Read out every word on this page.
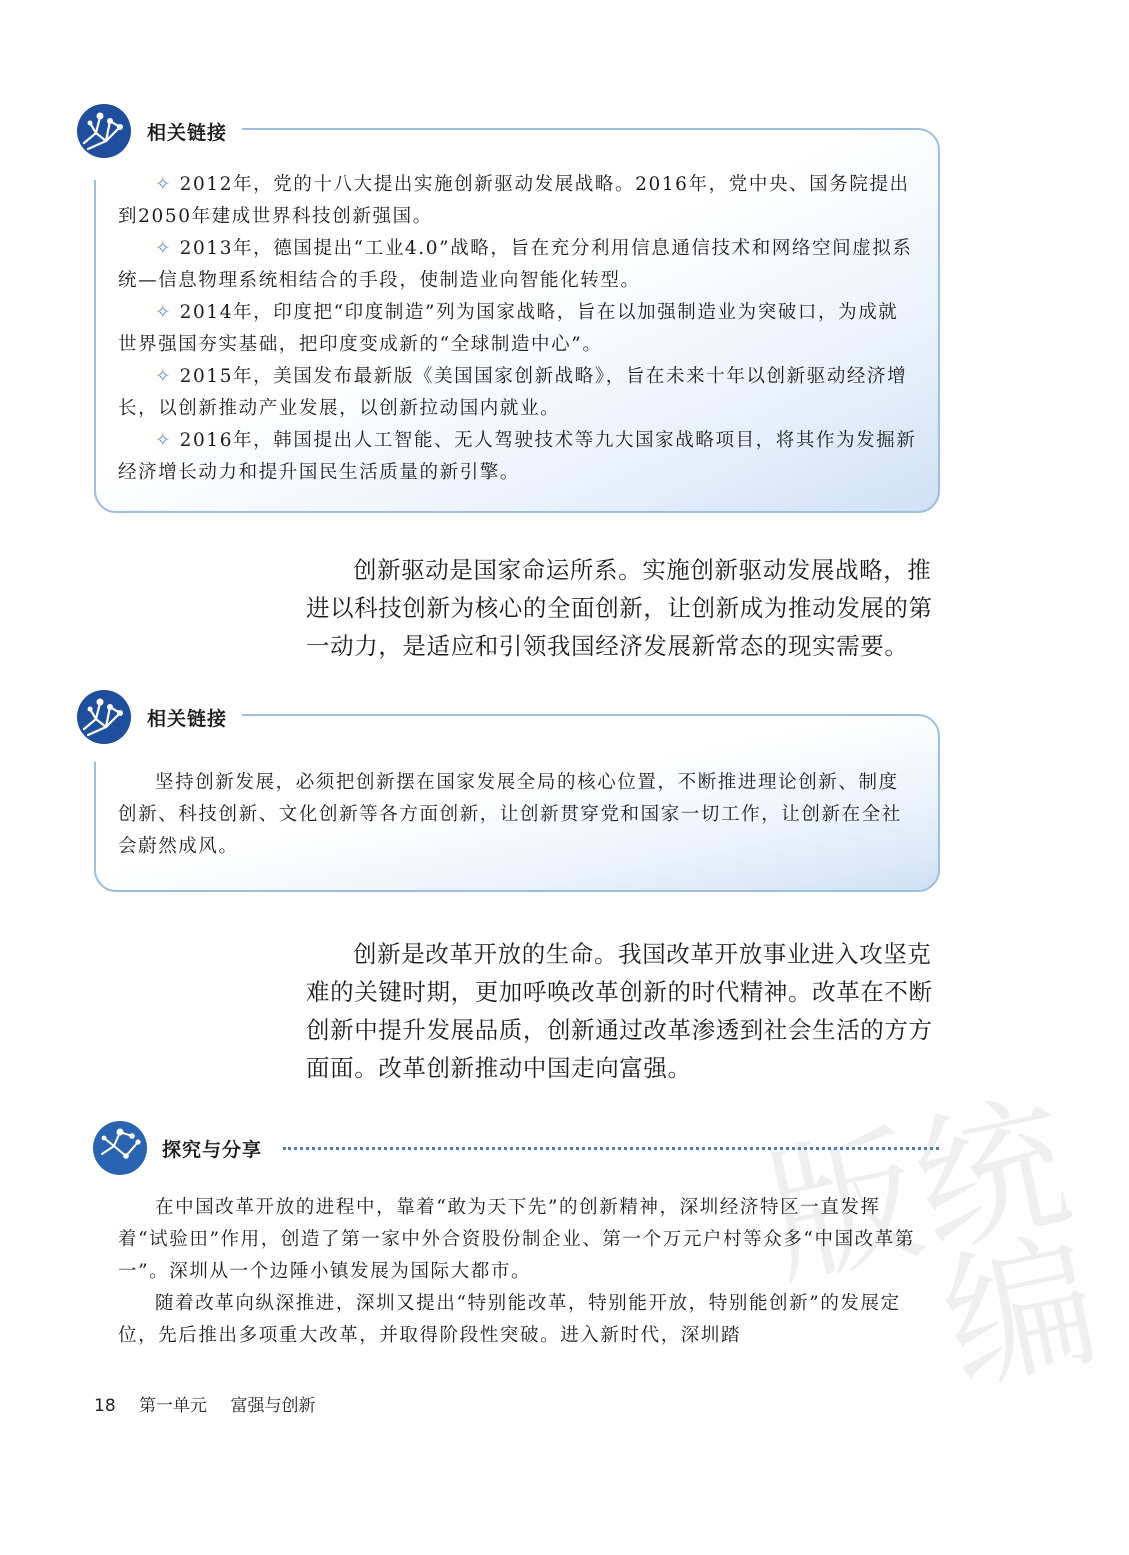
统编版
相关链接

✧ 2012年，党的十八大提出实施创新驱动发展战略。2016年，党中央、国务院提出到2050年建成世界科技创新强国。

✧ 2013年，德国提出“工业4.0”战略，旨在充分利用信息通信技术和网络空间虚拟系统—信息物理系统相结合的手段，使制造业向智能化转型。

✧ 2014年，印度把“印度制造”列为国家战略，旨在以加强制造业为突破口，为成就世界强国夯实基础，把印度变成新的“全球制造中心”。

✧ 2015年，美国发布最新版《美国国家创新战略》，旨在未来十年以创新驱动经济增长，以创新推动产业发展，以创新拉动国内就业。

✧ 2016年，韩国提出人工智能、无人驾驶技术等九大国家战略项目，将其作为发掘新经济增长动力和提升国民生活质量的新引擎。

创新驱动是国家命运所系。实施创新驱动发展战略，推进以科技创新为核心的全面创新，让创新成为推动发展的第一动力，是适应和引领我国经济发展新常态的现实需要。

相关链接

坚持创新发展，必须把创新摆在国家发展全局的核心位置，不断推进理论创新、制度创新、科技创新、文化创新等各方面创新，让创新贯穿党和国家一切工作，让创新在全社会蔚然成风。

创新是改革开放的生命。我国改革开放事业进入攻坚克难的关键时期，更加呼唤改革创新的时代精神。改革在不断创新中提升发展品质，创新通过改革渗透到社会生活的方方面面。改革创新推动中国走向富强。

探究与分享

在中国改革开放的进程中，靠着“敢为天下先”的创新精神，深圳经济特区一直发挥着“试验田”作用，创造了第一家中外合资股份制企业、第一个万元户村等众多“中国改革第一”。深圳从一个边陲小镇发展为国际大都市。

随着改革向纵深推进，深圳又提出“特别能改革，特别能开放，特别能创新”的发展定位，先后推出多项重大改革，并取得阶段性突破。进入新时代，深圳踏

18 第一单元 富强与创新
